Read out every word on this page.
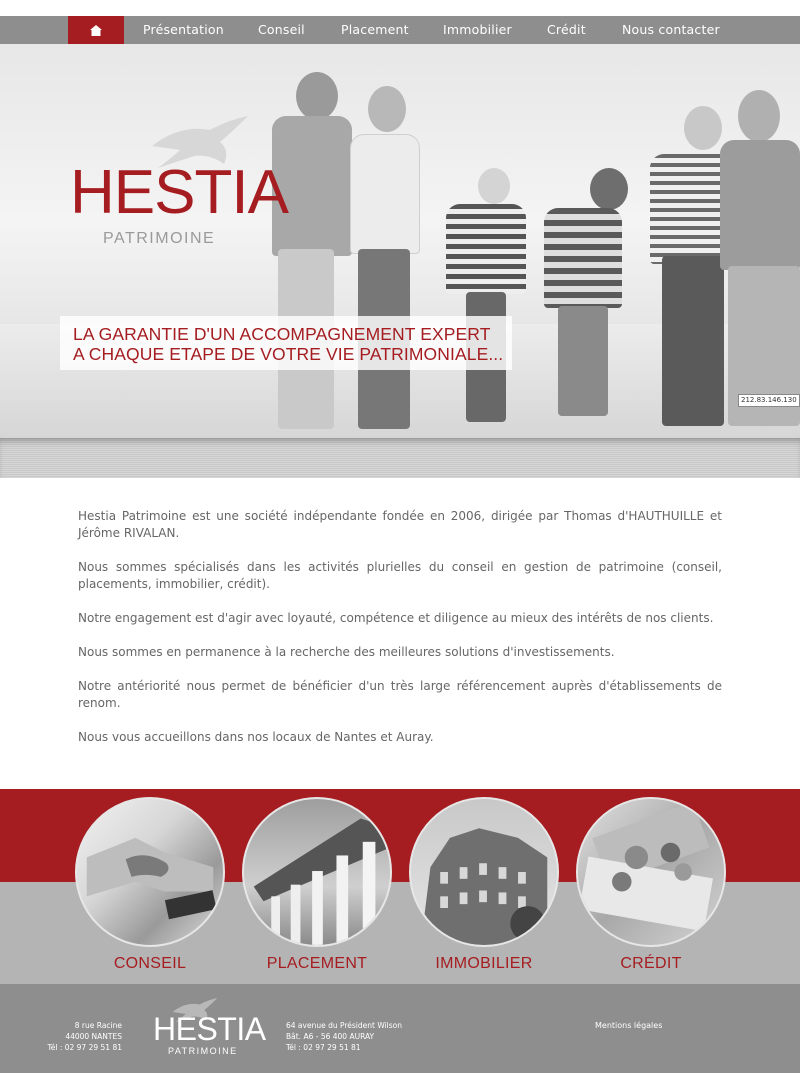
Présentation	Conseil	Placement	Immobilier	Crédit	Nous contacter
HESTIA
PATRIMOINE
LA GARANTIE D'UN ACCOMPAGNEMENT EXPERT
A CHAQUE ETAPE DE VOTRE VIE PATRIMONIALE...
212.83.146.130

Hestia Patrimoine est une société indépendante fondée en 2006, dirigée par Thomas d'HAUTHUILLE et Jérôme RIVALAN.

Nous sommes spécialisés dans les activités plurielles du conseil en gestion de patrimoine (conseil, placements, immobilier, crédit).

Notre engagement est d'agir avec loyauté, compétence et diligence au mieux des intérêts de nos clients.

Nous sommes en permanence à la recherche des meilleures solutions d'investissements.

Notre antériorité nous permet de bénéficier d'un très large référencement auprès d'établissements de renom.

Nous vous accueillons dans nos locaux de Nantes et Auray.

CONSEIL	PLACEMENT	IMMOBILIER	CRÉDIT
8 rue Racine
44000 NANTES
Tél : 02 97 29 51 81
HESTIA
PATRIMOINE
64 avenue du Président Wilson
Bât. A6 - 56 400 AURAY
Tél : 02 97 29 51 81
Mentions légales
